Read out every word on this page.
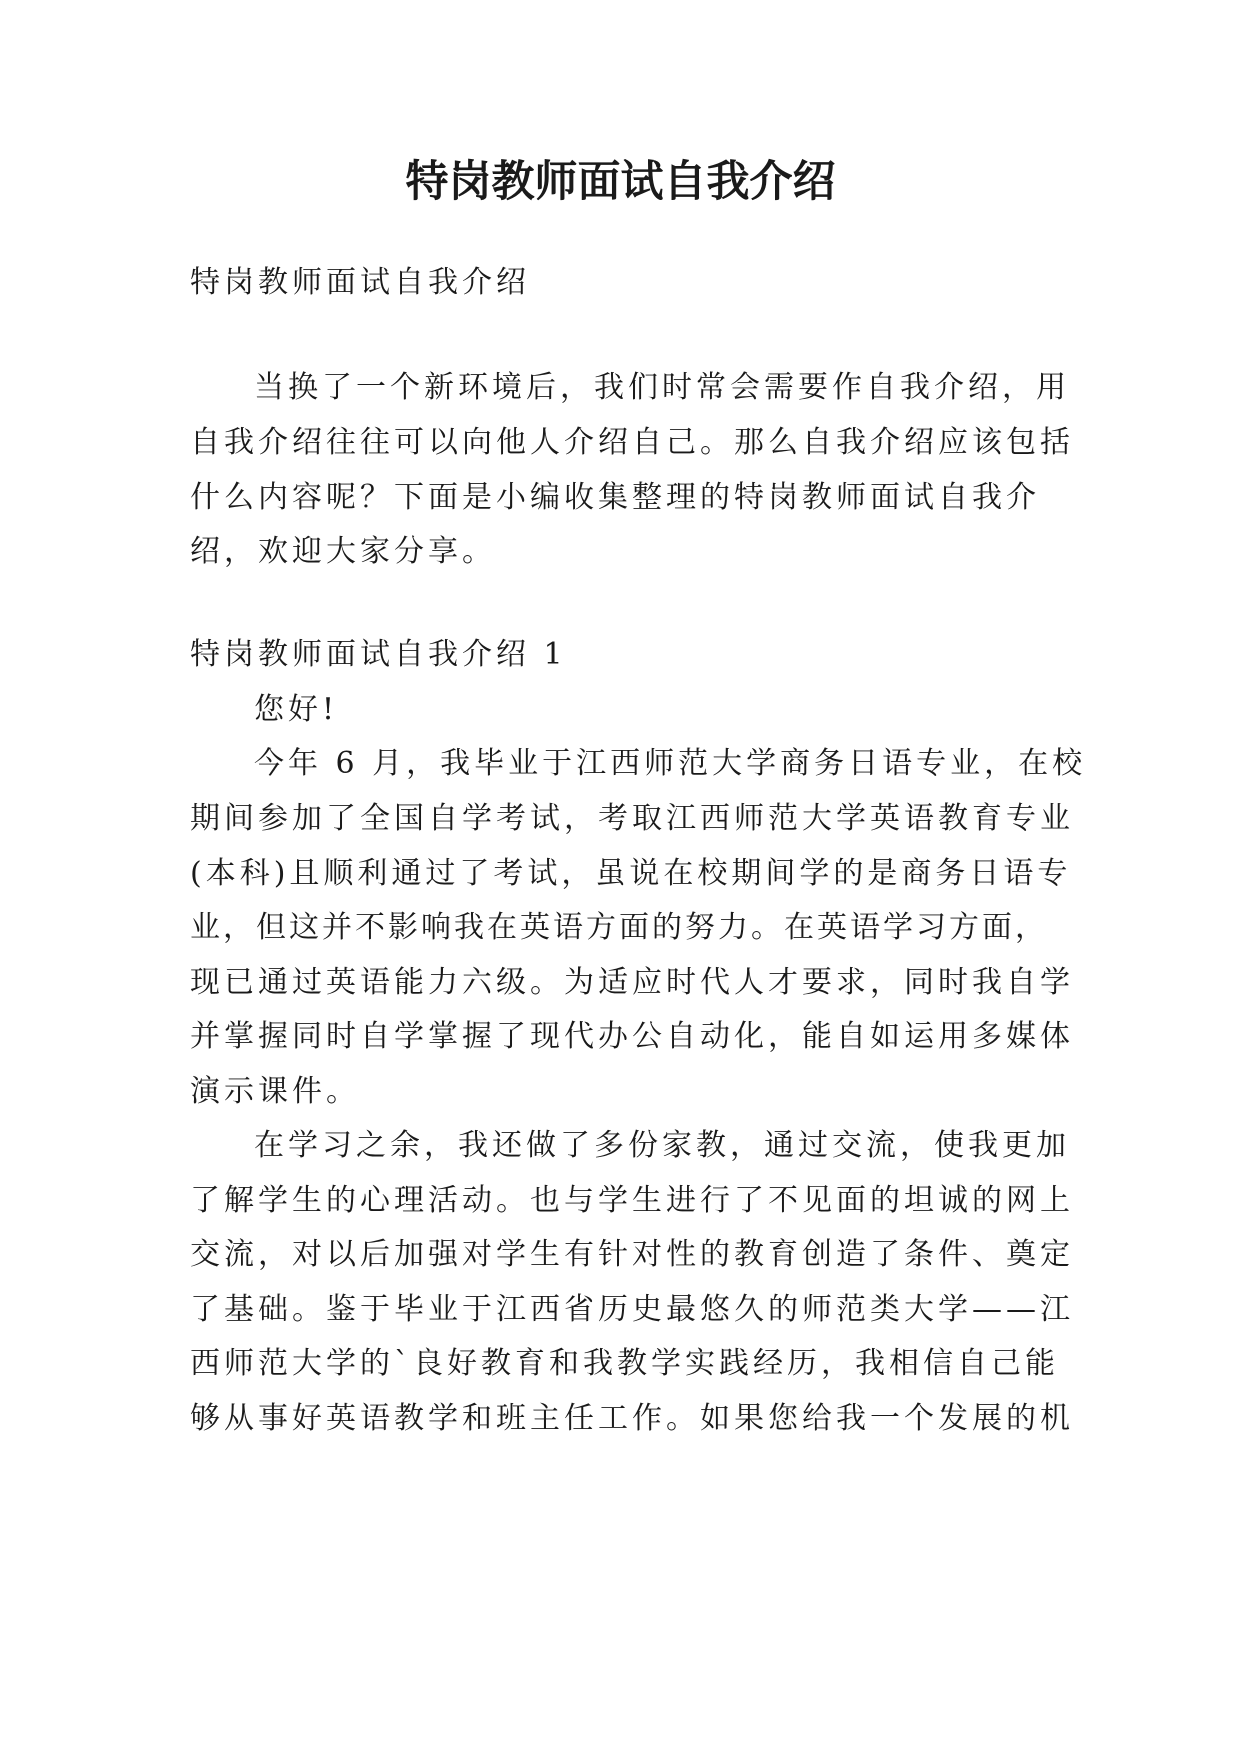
特岗教师面试自我介绍
特岗教师面试自我介绍
当换了一个新环境后，我们时常会需要作自我介绍，用
自我介绍往往可以向他人介绍自己。那么自我介绍应该包括
什么内容呢？下面是小编收集整理的特岗教师面试自我介
绍，欢迎大家分享。
特岗教师面试自我介绍 1
您好!
今年 6 月，我毕业于江西师范大学商务日语专业，在校
期间参加了全国自学考试，考取江西师范大学英语教育专业
(本科)且顺利通过了考试，虽说在校期间学的是商务日语专
业，但这并不影响我在英语方面的努力。在英语学习方面，
现已通过英语能力六级。为适应时代人才要求，同时我自学
并掌握同时自学掌握了现代办公自动化，能自如运用多媒体
演示课件。
在学习之余，我还做了多份家教，通过交流，使我更加
了解学生的心理活动。也与学生进行了不见面的坦诚的网上
交流，对以后加强对学生有针对性的教育创造了条件、奠定
了基础。鉴于毕业于江西省历史最悠久的师范类大学——江
西师范大学的`良好教育和我教学实践经历，我相信自己能
够从事好英语教学和班主任工作。如果您给我一个发展的机
